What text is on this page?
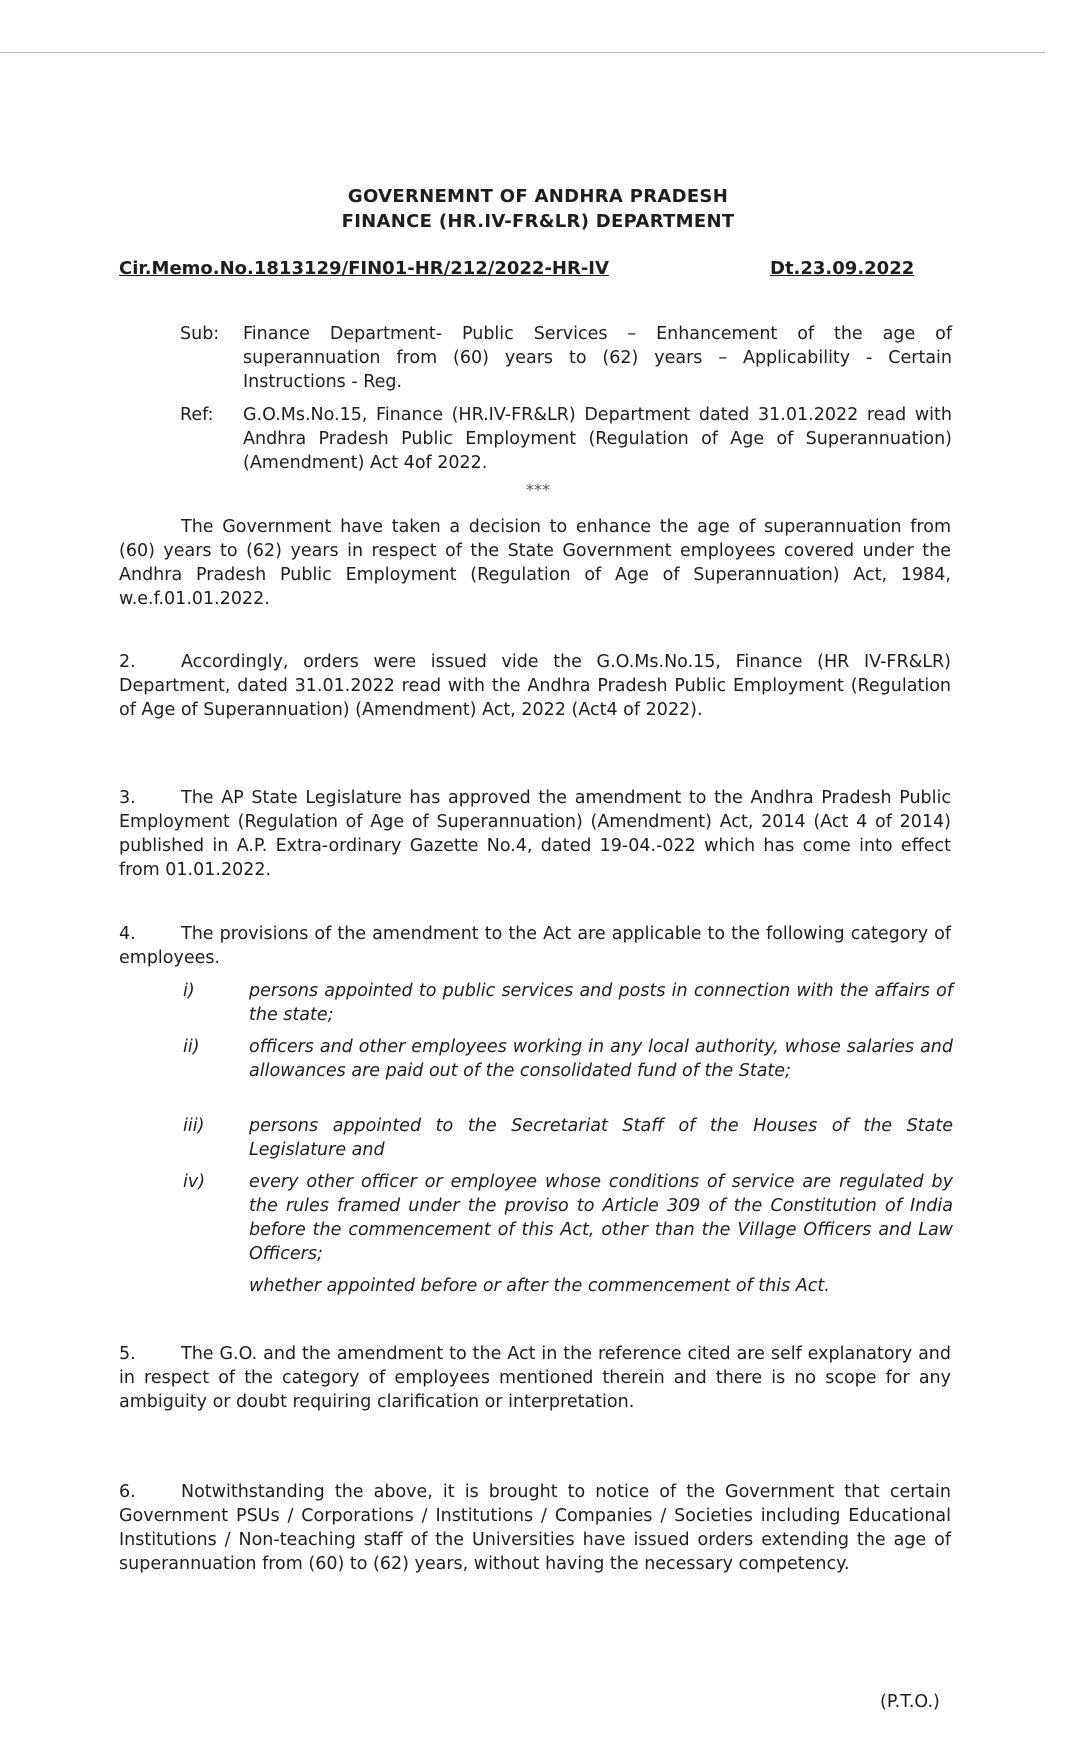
GOVERNEMNT OF ANDHRA PRADESH
FINANCE (HR.IV-FR&LR) DEPARTMENT
Cir.Memo.No.1813129/FIN01-HR/212/2022-HR-IV	Dt.23.09.2022
Sub: Finance Department- Public Services – Enhancement of the age of superannuation from (60) years to (62) years – Applicability - Certain Instructions - Reg.
Ref: G.O.Ms.No.15, Finance (HR.IV-FR&LR) Department dated 31.01.2022 read with Andhra Pradesh Public Employment (Regulation of Age of Superannuation) (Amendment) Act 4of 2022.
***
The Government have taken a decision to enhance the age of superannuation from (60) years to (62) years in respect of the State Government employees covered under the Andhra Pradesh Public Employment (Regulation of Age of Superannuation) Act, 1984, w.e.f.01.01.2022.
2.	Accordingly, orders were issued vide the G.O.Ms.No.15, Finance (HR IV-FR&LR) Department, dated 31.01.2022 read with the Andhra Pradesh Public Employment (Regulation of Age of Superannuation) (Amendment) Act, 2022 (Act4 of 2022).
3.	The AP State Legislature has approved the amendment to the Andhra Pradesh Public Employment (Regulation of Age of Superannuation) (Amendment) Act, 2014 (Act 4 of 2014) published in A.P. Extra-ordinary Gazette No.4, dated 19-04.-022 which has come into effect from 01.01.2022.
4.	The provisions of the amendment to the Act are applicable to the following category of employees.
i)	persons appointed to public services and posts in connection with the affairs of the state;
ii)	officers and other employees working in any local authority, whose salaries and allowances are paid out of the consolidated fund of the State;
iii)	persons appointed to the Secretariat Staff of the Houses of the State Legislature and
iv)	every other officer or employee whose conditions of service are regulated by the rules framed under the proviso to Article 309 of the Constitution of India before the commencement of this Act, other than the Village Officers and Law Officers;
whether appointed before or after the commencement of this Act.
5.	The G.O. and the amendment to the Act in the reference cited are self explanatory and in respect of the category of employees mentioned therein and there is no scope for any ambiguity or doubt requiring clarification or interpretation.
6.	Notwithstanding the above, it is brought to notice of the Government that certain Government PSUs / Corporations / Institutions / Companies / Societies including Educational Institutions / Non-teaching staff of the Universities have issued orders extending the age of superannuation from (60) to (62) years, without having the necessary competency.
(P.T.O.)
